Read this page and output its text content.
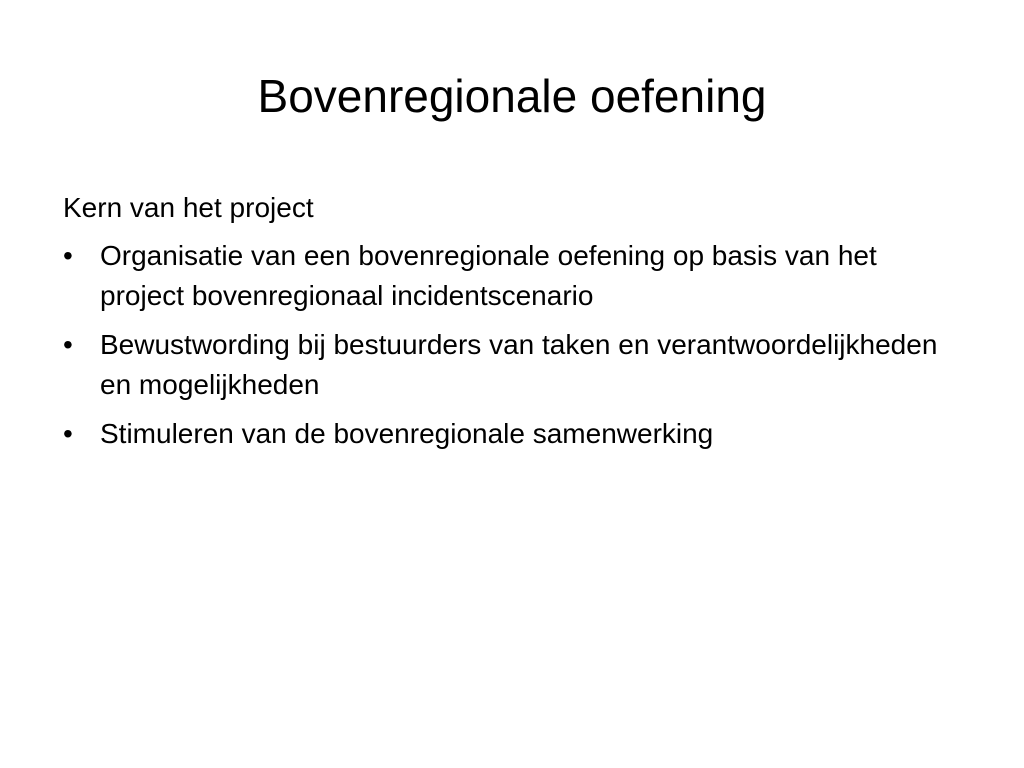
Bovenregionale oefening

Kern van het project

• Organisatie van een bovenregionale oefening op basis van het project bovenregionaal incidentscenario
• Bewustwording bij bestuurders van taken en verantwoordelijkheden en mogelijkheden
• Stimuleren van de bovenregionale samenwerking
